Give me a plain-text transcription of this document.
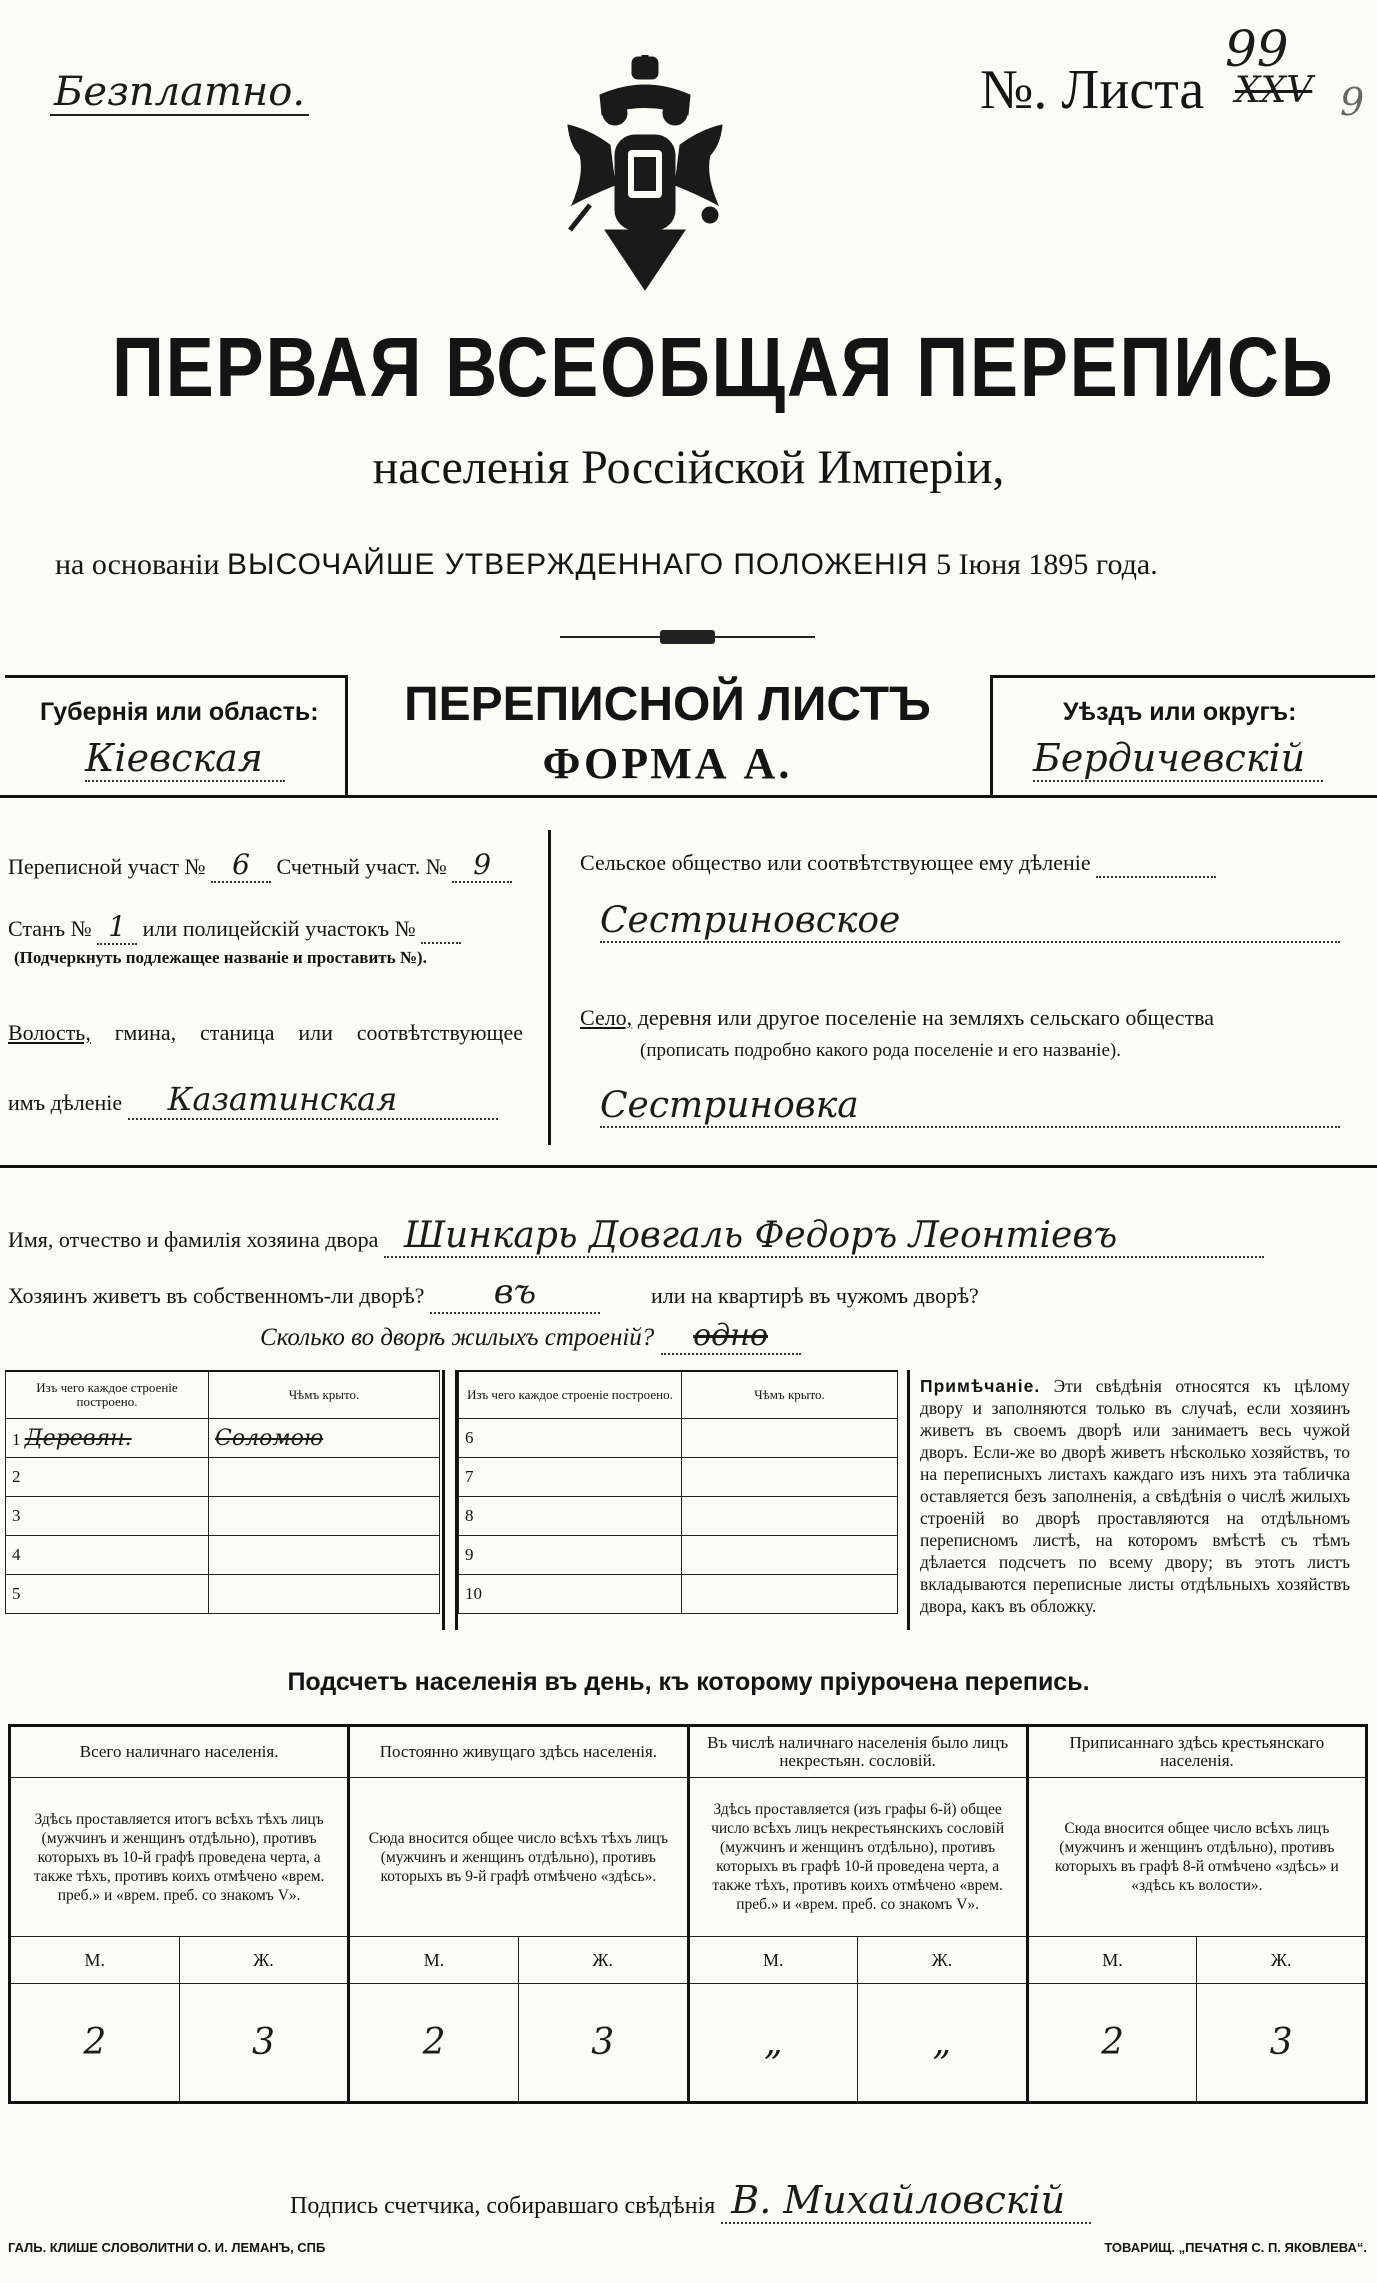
Безплатно.	№. Листа XXV
99
9
ПЕРВАЯ ВСЕОБЩАЯ ПЕРЕПИСЬ
населенія Россійской Имперіи,
на основаніи ВЫСОЧАЙШЕ УТВЕРЖДЕННАГО ПОЛОЖЕНІЯ 5 Іюня 1895 года.
Губернія или область:
Кіевская
ПЕРЕПИСНОЙ ЛИСТЪ
ФОРМА А.
Уѣздъ или округъ:
Бердичевскій
Переписной участ № 6 Счетный участ. № 9
Станъ № 1 или полицейскій участокъ №
(Подчеркнуть подлежащее названіе и проставить №).
Волость, гмина, станица или соотвѣтствующее
имъ дѣленіе Казатинская
Сельское общество или соотвѣтствующее ему дѣленіе
Сестриновское
Село, деревня или другое поселеніе на земляхъ сельскаго общества
(прописать подробно какого рода поселеніе и его названіе).
Сестриновка
Имя, отчество и фамилія хозяина двора Шинкарь Довгаль Федоръ Леонтіевъ
Хозяинъ живетъ въ собственномъ-ли дворѣ? въ	или на квартирѣ въ чужомъ дворѣ?
Сколько во дворѣ жилыхъ строеній? одно
Изъ чего каждое строеніе построено.	Чѣмъ крыто.
1 Деревян.	Соломою
2	
3	
4	
5	
Изъ чего каждое строеніе построено.	Чѣмъ крыто.
6	
7	
8	
9	
10	
Примѣчаніе. Эти свѣдѣнія относятся къ цѣлому двору и заполняются только въ случаѣ, если хозяинъ живетъ въ своемъ дворѣ или занимаетъ весь чужой дворъ. Если-же во дворѣ живетъ нѣсколько хозяйствъ, то на переписныхъ листахъ каждаго изъ нихъ эта табличка оставляется безъ заполненія, а свѣдѣнія о числѣ жилыхъ строеній во дворѣ проставляются на отдѣльномъ переписномъ листѣ, на которомъ вмѣстѣ съ тѣмъ дѣлается подсчетъ по всему двору; въ этотъ листъ вкладываются переписные листы отдѣльныхъ хозяйствъ двора, какъ въ обложку.
Подсчетъ населенія въ день, къ которому пріурочена перепись.
Всего наличнаго населенія.		Постоянно живущаго здѣсь населенія.		Въ числѣ наличнаго населенія было лицъ некрестьян. сословій.		Приписаннаго здѣсь крестьянскаго населенія.	
Здѣсь проставляется итогъ всѣхъ тѣхъ лицъ (мужчинъ и женщинъ отдѣльно), противъ которыхъ въ 10-й графѣ проведена черта, а также тѣхъ, противъ коихъ отмѣчено «врем. преб.» и «врем. преб. со знакомъ V».		Сюда вносится общее число всѣхъ тѣхъ лицъ (мужчинъ и женщинъ отдѣльно), противъ которыхъ въ 9-й графѣ отмѣчено «здѣсь».		Здѣсь проставляется (изъ графы 6-й) общее число всѣхъ лицъ некрестьянскихъ сословій (мужчинъ и женщинъ отдѣльно), противъ которыхъ въ графѣ 10-й проведена черта, а также тѣхъ, противъ коихъ отмѣчено «врем. преб.» и «врем. преб. со знакомъ V».		Сюда вносится общее число всѣхъ лицъ (мужчинъ и женщинъ отдѣльно), противъ которыхъ въ графѣ 8-й отмѣчено «здѣсь» и «здѣсь къ волости».	
М.	Ж.	М.	Ж.	М.	Ж.	М.	Ж.
2	3	2	3	„	„	2	3
Подпись счетчика, собиравшаго свѣдѣнія В. Михайловскій
ГАЛЬ. КЛИШЕ СЛОВОЛИТНИ О. И. ЛЕМАНЪ, СПБ	ТОВАРИЩ. „ПЕЧАТНЯ С. П. ЯКОВЛЕВА“.
